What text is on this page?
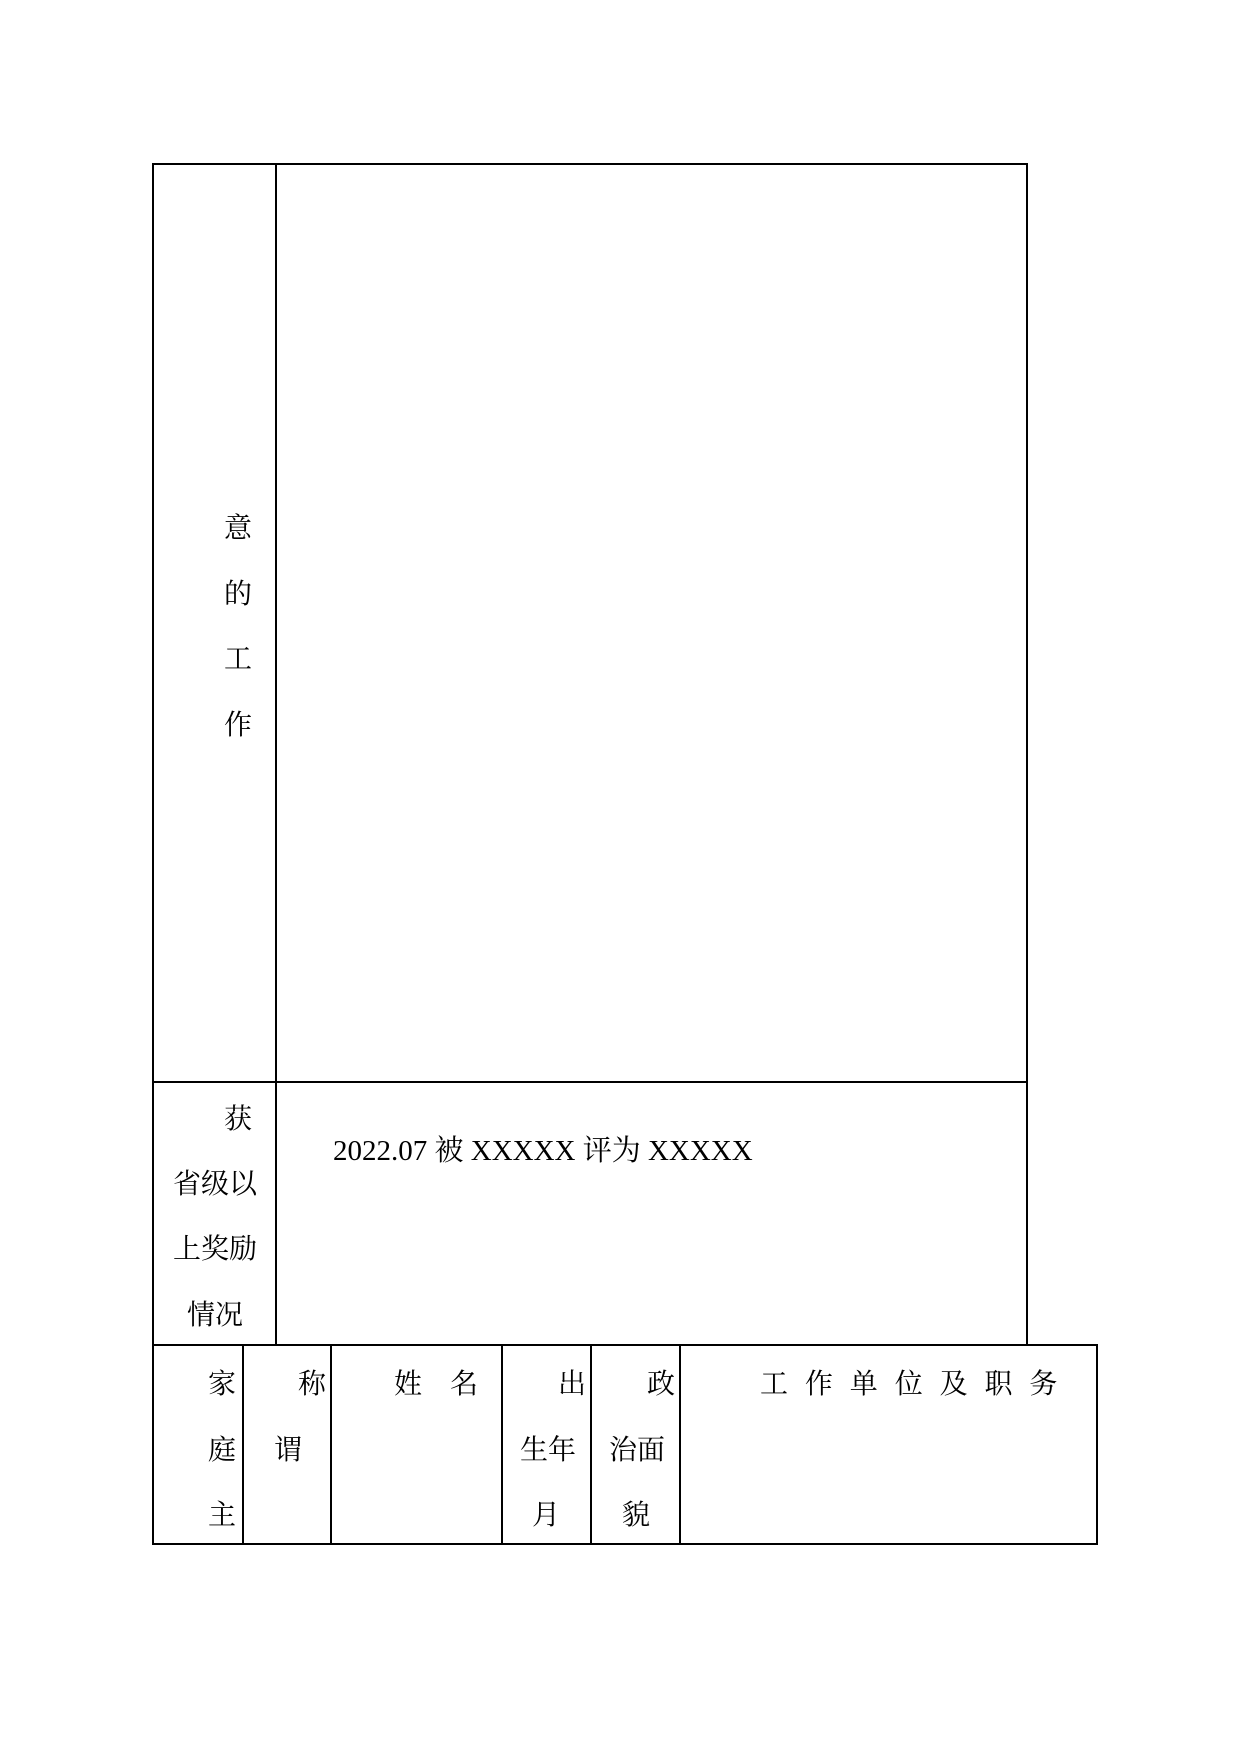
意
的
工
作
获
省级以
上奖励
情况
2022.07 被 XXXXX 评为 XXXXX
家
庭
主
称
谓
姓　名	出
生年
月
政
治面
貌
工 作 单 位 及 职 务
